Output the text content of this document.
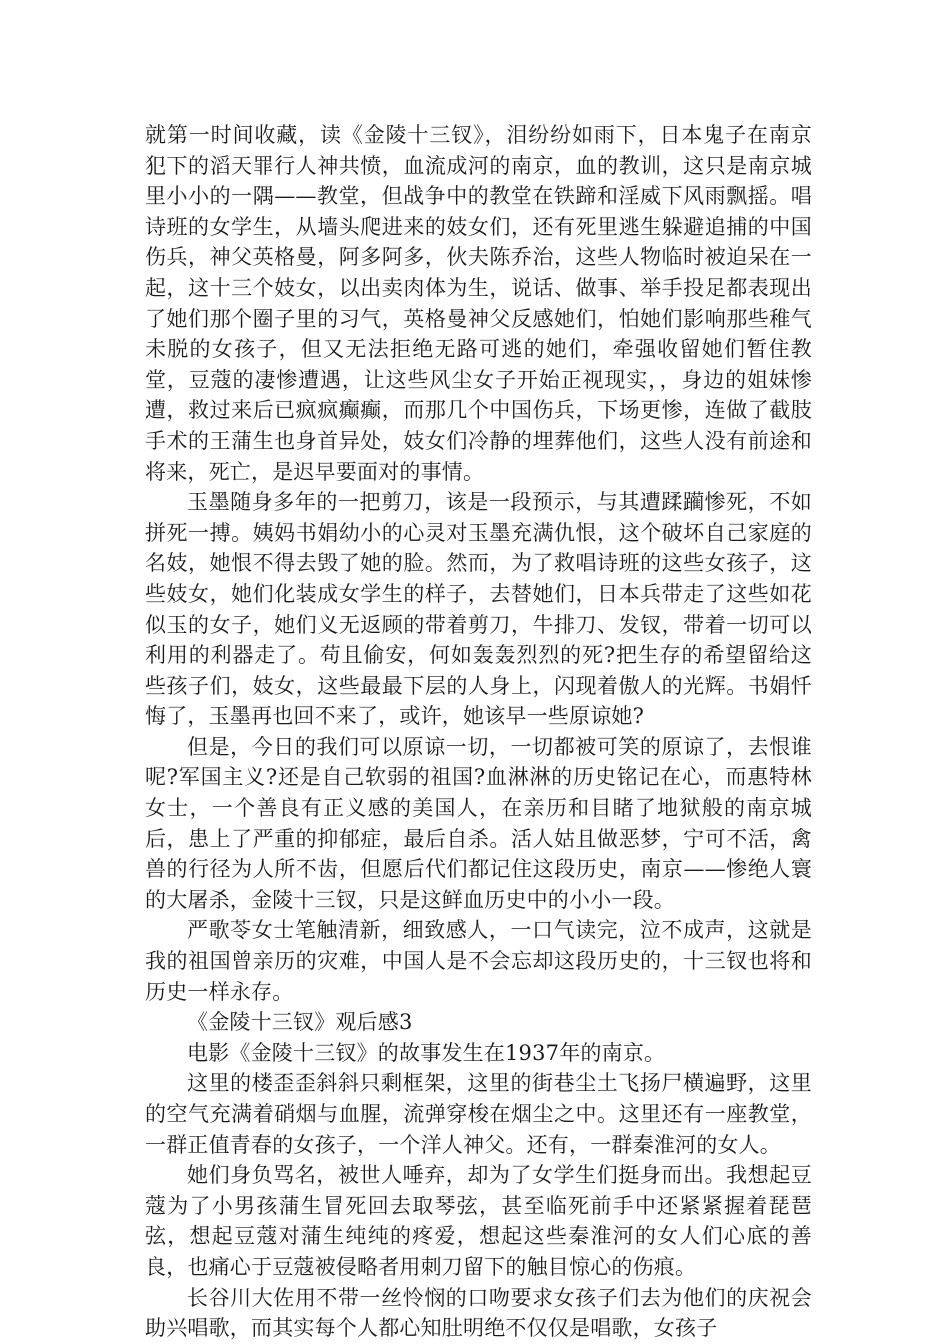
就第一时间收藏，读《金陵十三钗》，泪纷纷如雨下，日本鬼子在南京犯下的滔天罪行人神共愤，血流成河的南京，血的教训，这只是南京城里小小的一隅——教堂，但战争中的教堂在铁蹄和淫威下风雨飘摇。唱诗班的女学生，从墙头爬进来的妓女们，还有死里逃生躲避追捕的中国伤兵，神父英格曼，阿多阿多，伙夫陈乔治，这些人物临时被迫呆在一起，这十三个妓女，以出卖肉体为生，说话、做事、举手投足都表现出了她们那个圈子里的习气，英格曼神父反感她们，怕她们影响那些稚气未脱的女孩子，但又无法拒绝无路可逃的她们，牵强收留她们暂住教堂，豆蔻的凄惨遭遇，让这些风尘女子开始正视现实，，身边的姐妹惨遭，救过来后已疯疯癫癫，而那几个中国伤兵，下场更惨，连做了截肢手术的王蒲生也身首异处，妓女们冷静的埋葬他们，这些人没有前途和将来，死亡，是迟早要面对的事情。

玉墨随身多年的一把剪刀，该是一段预示，与其遭蹂躏惨死，不如拼死一搏。姨妈书娟幼小的心灵对玉墨充满仇恨，这个破坏自己家庭的名妓，她恨不得去毁了她的脸。然而，为了救唱诗班的这些女孩子，这些妓女，她们化装成女学生的样子，去替她们，日本兵带走了这些如花似玉的女子，她们义无返顾的带着剪刀，牛排刀、发钗，带着一切可以利用的利器走了。苟且偷安，何如轰轰烈烈的死?把生存的希望留给这些孩子们，妓女，这些最最下层的人身上，闪现着傲人的光辉。书娟忏悔了，玉墨再也回不来了，或许，她该早一些原谅她?

但是，今日的我们可以原谅一切，一切都被可笑的原谅了，去恨谁呢?军国主义?还是自己软弱的祖国?血淋淋的历史铭记在心，而惠特林女士，一个善良有正义感的美国人，在亲历和目睹了地狱般的南京城后，患上了严重的抑郁症，最后自杀。活人姑且做恶梦，宁可不活，禽兽的行径为人所不齿，但愿后代们都记住这段历史，南京——惨绝人寰的大屠杀，金陵十三钗，只是这鲜血历史中的小小一段。

严歌苓女士笔触清新，细致感人，一口气读完，泣不成声，这就是我的祖国曾亲历的灾难，中国人是不会忘却这段历史的，十三钗也将和历史一样永存。

《金陵十三钗》观后感3

电影《金陵十三钗》的故事发生在1937年的南京。

这里的楼歪歪斜斜只剩框架，这里的街巷尘土飞扬尸横遍野，这里的空气充满着硝烟与血腥，流弹穿梭在烟尘之中。这里还有一座教堂，一群正值青春的女孩子，一个洋人神父。还有，一群秦淮河的女人。

她们身负骂名，被世人唾弃，却为了女学生们挺身而出。我想起豆蔻为了小男孩蒲生冒死回去取琴弦，甚至临死前手中还紧紧握着琵琶弦，想起豆蔻对蒲生纯纯的疼爱，想起这些秦淮河的女人们心底的善良，也痛心于豆蔻被侵略者用刺刀留下的触目惊心的伤痕。

长谷川大佐用不带一丝怜悯的口吻要求女孩子们去为他们的庆祝会助兴唱歌，而其实每个人都心知肚明绝不仅仅是唱歌，女孩子
